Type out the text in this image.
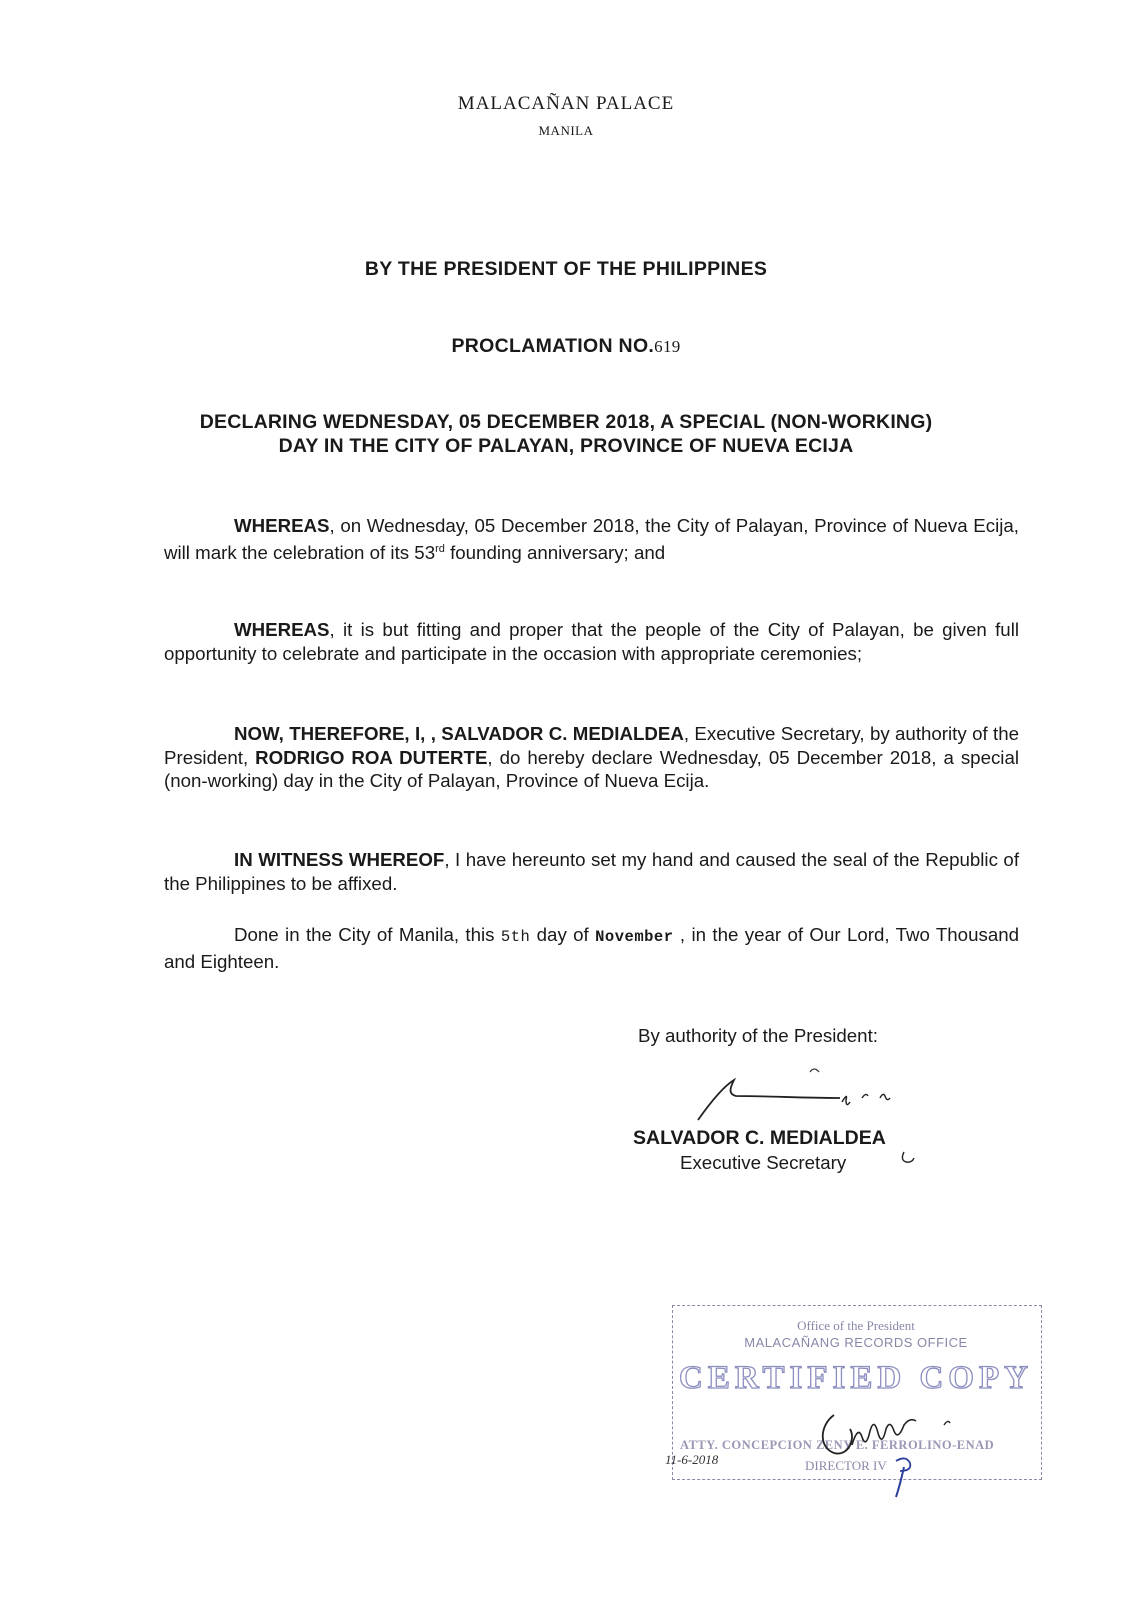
MALACAÑAN PALACE
MANILA
BY THE PRESIDENT OF THE PHILIPPINES
PROCLAMATION NO.619
DECLARING WEDNESDAY, 05 DECEMBER 2018, A SPECIAL (NON-WORKING)
DAY IN THE CITY OF PALAYAN, PROVINCE OF NUEVA ECIJA
WHEREAS, on Wednesday, 05 December 2018, the City of Palayan, Province of Nueva Ecija, will mark the celebration of its 53rd founding anniversary; and
WHEREAS, it is but fitting and proper that the people of the City of Palayan, be given full opportunity to celebrate and participate in the occasion with appropriate ceremonies;
NOW, THEREFORE, I, , SALVADOR C. MEDIALDEA, Executive Secretary, by authority of the President, RODRIGO ROA DUTERTE, do hereby declare Wednesday, 05 December 2018, a special (non-working) day in the City of Palayan, Province of Nueva Ecija.
IN WITNESS WHEREOF, I have hereunto set my hand and caused the seal of the Republic of the Philippines to be affixed.
Done in the City of Manila, this 5th day of November , in the year of Our Lord, Two Thousand and Eighteen.
By authority of the President:
SALVADOR C. MEDIALDEA
Executive Secretary
Office of the President
MALACAÑANG RECORDS OFFICE
CERTIFIED COPY
ATTY. CONCEPCION ZENY E. FERROLINO-ENAD
DIRECTOR IV
11-6-2018
